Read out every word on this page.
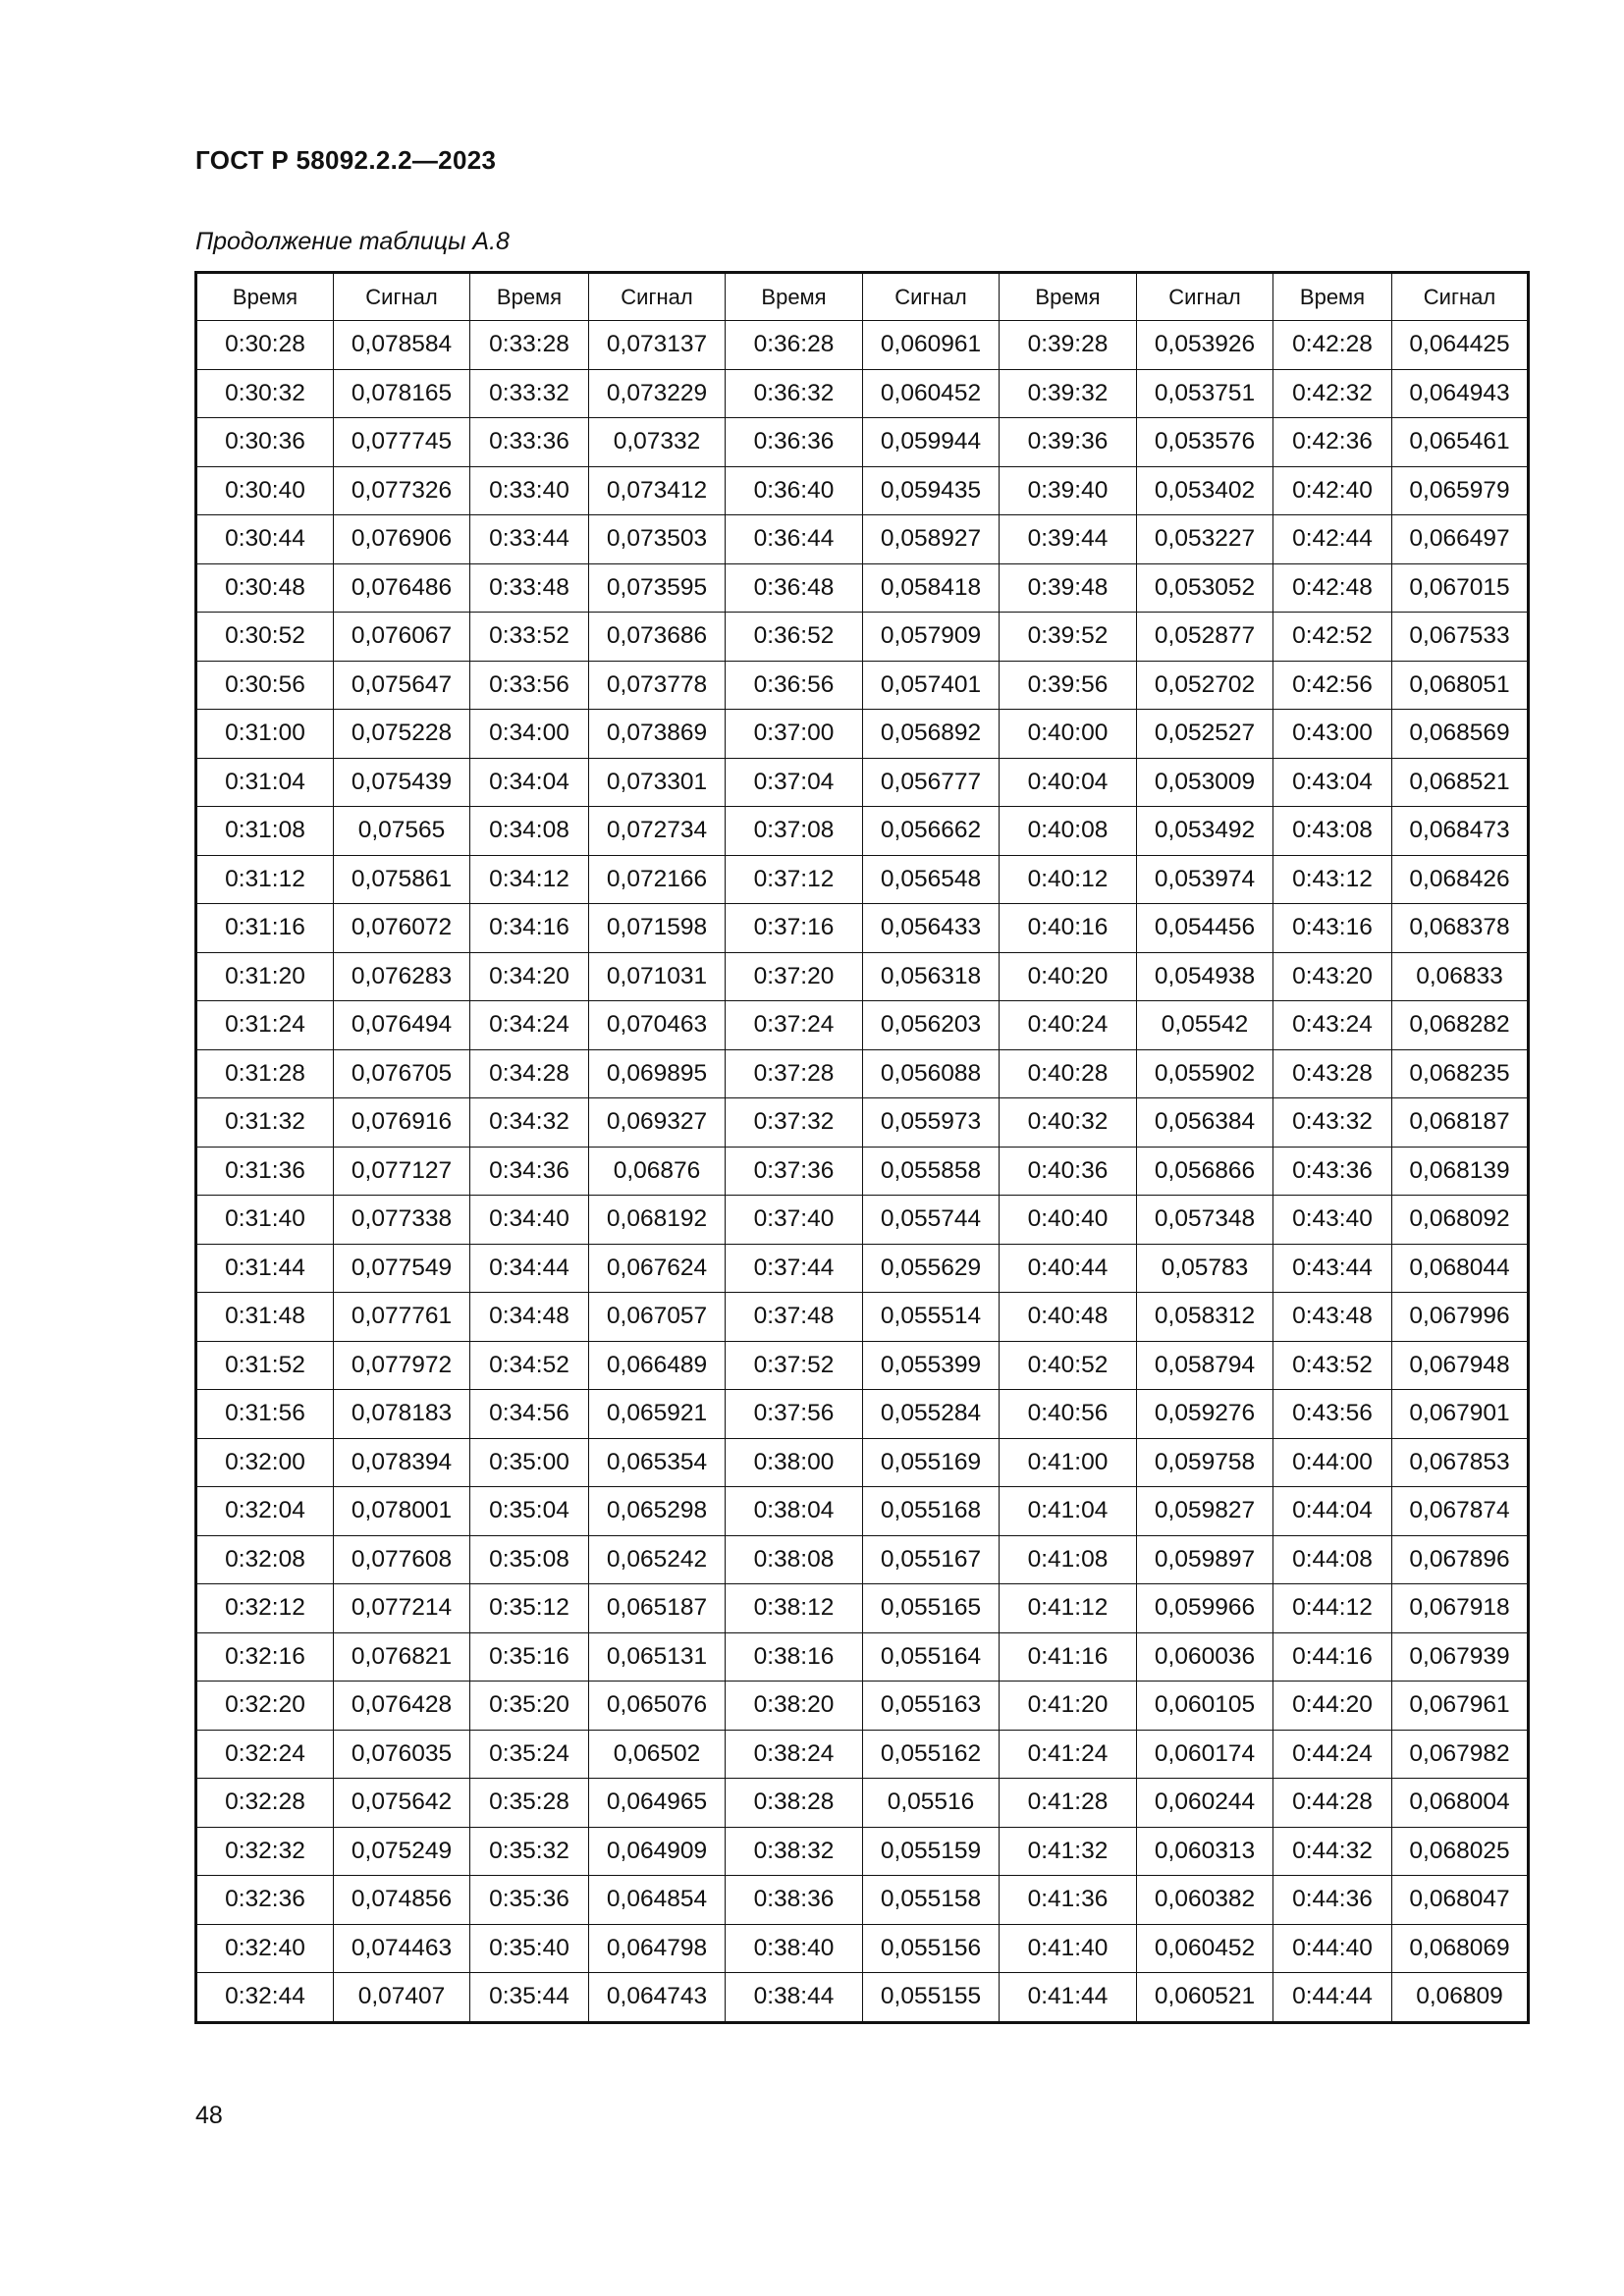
ГОСТ Р 58092.2.2—2023
Продолжение таблицы А.8
Время	Сигнал	Время	Сигнал	Время	Сигнал	Время	Сигнал	Время	Сигнал
0:30:28	0,078584	0:33:28	0,073137	0:36:28	0,060961	0:39:28	0,053926	0:42:28	0,064425
0:30:32	0,078165	0:33:32	0,073229	0:36:32	0,060452	0:39:32	0,053751	0:42:32	0,064943
0:30:36	0,077745	0:33:36	0,07332	0:36:36	0,059944	0:39:36	0,053576	0:42:36	0,065461
0:30:40	0,077326	0:33:40	0,073412	0:36:40	0,059435	0:39:40	0,053402	0:42:40	0,065979
0:30:44	0,076906	0:33:44	0,073503	0:36:44	0,058927	0:39:44	0,053227	0:42:44	0,066497
0:30:48	0,076486	0:33:48	0,073595	0:36:48	0,058418	0:39:48	0,053052	0:42:48	0,067015
0:30:52	0,076067	0:33:52	0,073686	0:36:52	0,057909	0:39:52	0,052877	0:42:52	0,067533
0:30:56	0,075647	0:33:56	0,073778	0:36:56	0,057401	0:39:56	0,052702	0:42:56	0,068051
0:31:00	0,075228	0:34:00	0,073869	0:37:00	0,056892	0:40:00	0,052527	0:43:00	0,068569
0:31:04	0,075439	0:34:04	0,073301	0:37:04	0,056777	0:40:04	0,053009	0:43:04	0,068521
0:31:08	0,07565	0:34:08	0,072734	0:37:08	0,056662	0:40:08	0,053492	0:43:08	0,068473
0:31:12	0,075861	0:34:12	0,072166	0:37:12	0,056548	0:40:12	0,053974	0:43:12	0,068426
0:31:16	0,076072	0:34:16	0,071598	0:37:16	0,056433	0:40:16	0,054456	0:43:16	0,068378
0:31:20	0,076283	0:34:20	0,071031	0:37:20	0,056318	0:40:20	0,054938	0:43:20	0,06833
0:31:24	0,076494	0:34:24	0,070463	0:37:24	0,056203	0:40:24	0,05542	0:43:24	0,068282
0:31:28	0,076705	0:34:28	0,069895	0:37:28	0,056088	0:40:28	0,055902	0:43:28	0,068235
0:31:32	0,076916	0:34:32	0,069327	0:37:32	0,055973	0:40:32	0,056384	0:43:32	0,068187
0:31:36	0,077127	0:34:36	0,06876	0:37:36	0,055858	0:40:36	0,056866	0:43:36	0,068139
0:31:40	0,077338	0:34:40	0,068192	0:37:40	0,055744	0:40:40	0,057348	0:43:40	0,068092
0:31:44	0,077549	0:34:44	0,067624	0:37:44	0,055629	0:40:44	0,05783	0:43:44	0,068044
0:31:48	0,077761	0:34:48	0,067057	0:37:48	0,055514	0:40:48	0,058312	0:43:48	0,067996
0:31:52	0,077972	0:34:52	0,066489	0:37:52	0,055399	0:40:52	0,058794	0:43:52	0,067948
0:31:56	0,078183	0:34:56	0,065921	0:37:56	0,055284	0:40:56	0,059276	0:43:56	0,067901
0:32:00	0,078394	0:35:00	0,065354	0:38:00	0,055169	0:41:00	0,059758	0:44:00	0,067853
0:32:04	0,078001	0:35:04	0,065298	0:38:04	0,055168	0:41:04	0,059827	0:44:04	0,067874
0:32:08	0,077608	0:35:08	0,065242	0:38:08	0,055167	0:41:08	0,059897	0:44:08	0,067896
0:32:12	0,077214	0:35:12	0,065187	0:38:12	0,055165	0:41:12	0,059966	0:44:12	0,067918
0:32:16	0,076821	0:35:16	0,065131	0:38:16	0,055164	0:41:16	0,060036	0:44:16	0,067939
0:32:20	0,076428	0:35:20	0,065076	0:38:20	0,055163	0:41:20	0,060105	0:44:20	0,067961
0:32:24	0,076035	0:35:24	0,06502	0:38:24	0,055162	0:41:24	0,060174	0:44:24	0,067982
0:32:28	0,075642	0:35:28	0,064965	0:38:28	0,05516	0:41:28	0,060244	0:44:28	0,068004
0:32:32	0,075249	0:35:32	0,064909	0:38:32	0,055159	0:41:32	0,060313	0:44:32	0,068025
0:32:36	0,074856	0:35:36	0,064854	0:38:36	0,055158	0:41:36	0,060382	0:44:36	0,068047
0:32:40	0,074463	0:35:40	0,064798	0:38:40	0,055156	0:41:40	0,060452	0:44:40	0,068069
0:32:44	0,07407	0:35:44	0,064743	0:38:44	0,055155	0:41:44	0,060521	0:44:44	0,06809
48
